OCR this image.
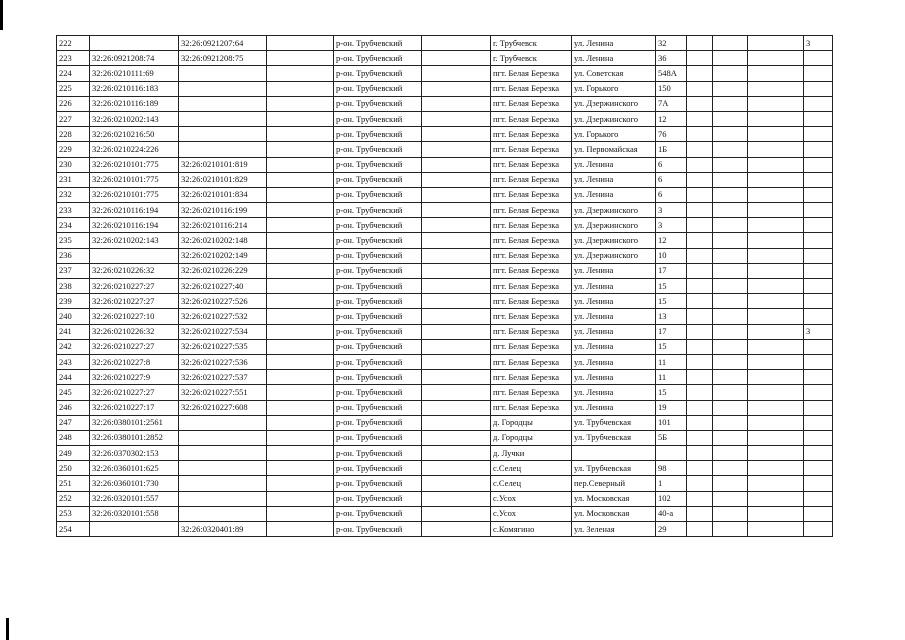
222		32:26:0921207:64		р-он. Трубчевский		г. Трубчевск	ул. Ленина	32				3
223	32:26:0921208:74	32:26:0921208:75		р-он. Трубчевский		г. Трубчевск	ул. Ленина	36				
224	32:26:0210111:69			р-он. Трубчевский		пгт. Белая Березка	ул. Советская	548А				
225	32:26:0210116:183			р-он. Трубчевский		пгт. Белая Березка	ул. Горького	150				
226	32:26:0210116:189			р-он. Трубчевский		пгт. Белая Березка	ул. Дзержинского	7А				
227	32:26:0210202:143			р-он. Трубчевский		пгт. Белая Березка	ул. Дзержинского	12				
228	32:26:0210216:50			р-он. Трубчевский		пгт. Белая Березка	ул. Горького	76				
229	32:26:0210224:226			р-он. Трубчевский		пгт. Белая Березка	ул. Первомайская	1Б				
230	32:26:0210101:775	32:26:0210101:819		р-он. Трубчевский		пгт. Белая Березка	ул. Ленина	6				
231	32:26:0210101:775	32:26:0210101:829		р-он. Трубчевский		пгт. Белая Березка	ул. Ленина	6				
232	32:26:0210101:775	32:26:0210101:834		р-он. Трубчевский		пгт. Белая Березка	ул. Ленина	6				
233	32:26:0210116:194	32:26:0210116:199		р-он. Трубчевский		пгт. Белая Березка	ул. Дзержинского	3				
234	32:26:0210116:194	32:26:0210116:214		р-он. Трубчевский		пгт. Белая Березка	ул. Дзержинского	3				
235	32:26:0210202:143	32:26:0210202:148		р-он. Трубчевский		пгт. Белая Березка	ул. Дзержинского	12				
236		32:26:0210202:149		р-он. Трубчевский		пгт. Белая Березка	ул. Дзержинского	10				
237	32:26:0210226:32	32:26:0210226:229		р-он. Трубчевский		пгт. Белая Березка	ул. Ленина	17				
238	32:26:0210227:27	32:26:0210227:40		р-он. Трубчевский		пгт. Белая Березка	ул. Ленина	15				
239	32:26:0210227:27	32:26:0210227:526		р-он. Трубчевский		пгт. Белая Березка	ул. Ленина	15				
240	32:26:0210227:10	32:26:0210227:532		р-он. Трубчевский		пгт. Белая Березка	ул. Ленина	13				
241	32:26:0210226:32	32:26:0210227:534		р-он. Трубчевский		пгт. Белая Березка	ул. Ленина	17				3
242	32:26:0210227:27	32:26:0210227:535		р-он. Трубчевский		пгт. Белая Березка	ул. Ленина	15				
243	32:26:0210227:8	32:26:0210227:536		р-он. Трубчевский		пгт. Белая Березка	ул. Ленина	11				
244	32:26:0210227:9	32:26:0210227:537		р-он. Трубчевский		пгт. Белая Березка	ул. Ленина	11				
245	32:26:0210227:27	32:26:0210227:551		р-он. Трубчевский		пгт. Белая Березка	ул. Ленина	15				
246	32:26:0210227:17	32:26:0210227:608		р-он. Трубчевский		пгт. Белая Березка	ул. Ленина	19				
247	32:26:0380101:2561			р-он. Трубчевский		д. Городцы	ул. Трубчевская	101				
248	32:26:0380101:2852			р-он. Трубчевский		д. Городцы	ул. Трубчевская	5Б				
249	32:26:0370302:153			р-он. Трубчевский		д. Лучки						
250	32:26:0360101:625			р-он. Трубчевский		с.Селец	ул. Трубчевская	98				
251	32:26:0360101:730			р-он. Трубчевский		с.Селец	пер.Северный	1				
252	32:26:0320101:557			р-он. Трубчевский		с.Усох	ул. Московская	102				
253	32:26:0320101:558			р-он. Трубчевский		с.Усох	ул. Московская	40-а				
254		32:26:0320401:89		р-он. Трубчевский		с.Комягино	ул. Зеленая	29				
